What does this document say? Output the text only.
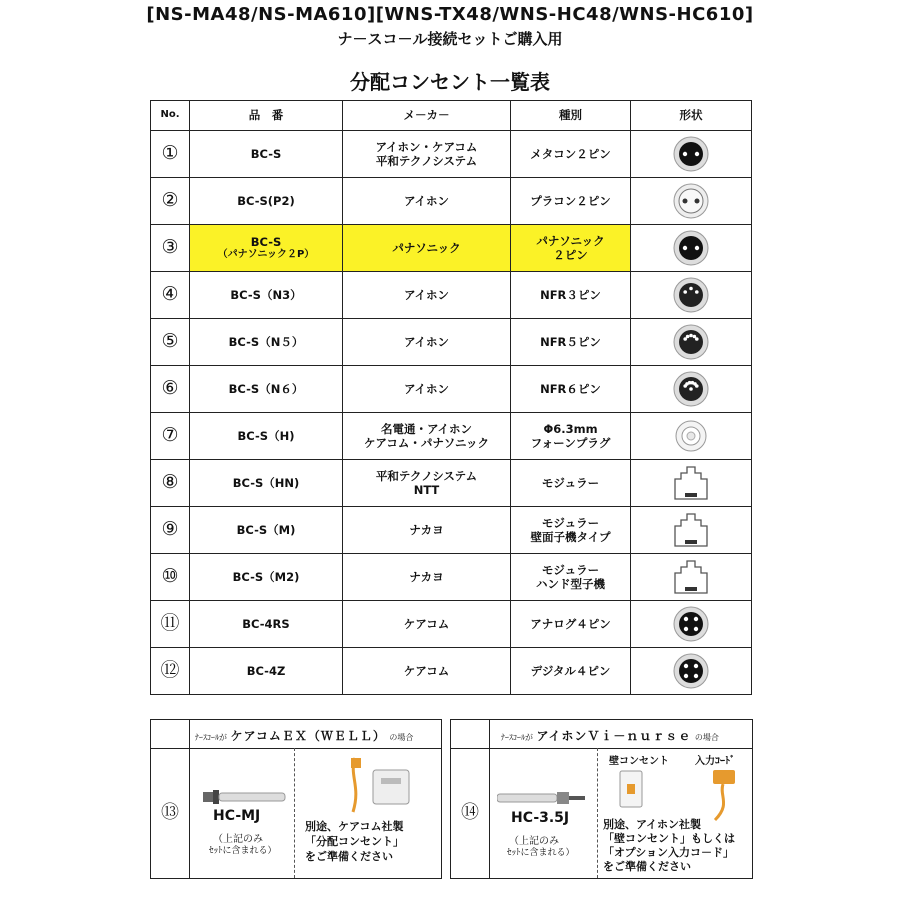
[NS-MA48/NS-MA610][WNS-TX48/WNS-HC48/WNS-HC610]
ナ－スコ－ル接続セットご購入用
分配コンセント一覧表
No.	品　番	メ－カ－	種別	形状
①	BC-S	アイホン・ケアコム
平和テクノシステム	メタコン２ピン

②	BC-S(P2)	アイホン	プラコン２ピン

③	BC-S
（パナソニック２P）	パナソニック	パナソニック
２ピン

④	BC-S（N3）	アイホン	NFR３ピン

⑤	BC-S（N５）	アイホン	NFR５ピン

⑥	BC-S（N６）	アイホン	NFR６ピン

⑦	BC-S（H)	名電通・アイホン
ケアコム・パナソニック	Φ6.3mm
フォーンプラグ

⑧	BC-S（HN)	平和テクノシステム
NTT	モジュラー

⑨	BC-S（M)	ナカヨ	モジュラー
壁面子機タイプ

⑩	BC-S（M2)	ナカヨ	モジュラー
ハンド型子機

⑪	BC-4RS	ケアコム	アナログ４ピン

⑫	BC-4Z	ケアコム	デジタル４ピン

⑬
ﾅｰｽｺｰﾙが ケアコムＥＸ（ＷＥＬＬ） の場合
HC-MJ
（上記のみ
ｾｯﾄに含まれる）
別途、ケアコム社製
「分配コンセント」
をご準備ください
⑭
ﾅｰｽｺｰﾙが アイホンＶｉ－ｎｕｒｓｅ の場合
HC-3.5J
（上記のみ
ｾｯﾄに含まれる）
壁コンセント	入力ｺｰﾄﾞ
別途、アイホン社製
「壁コンセント」もしくは
「オプション入力コ－ド」
をご準備ください
